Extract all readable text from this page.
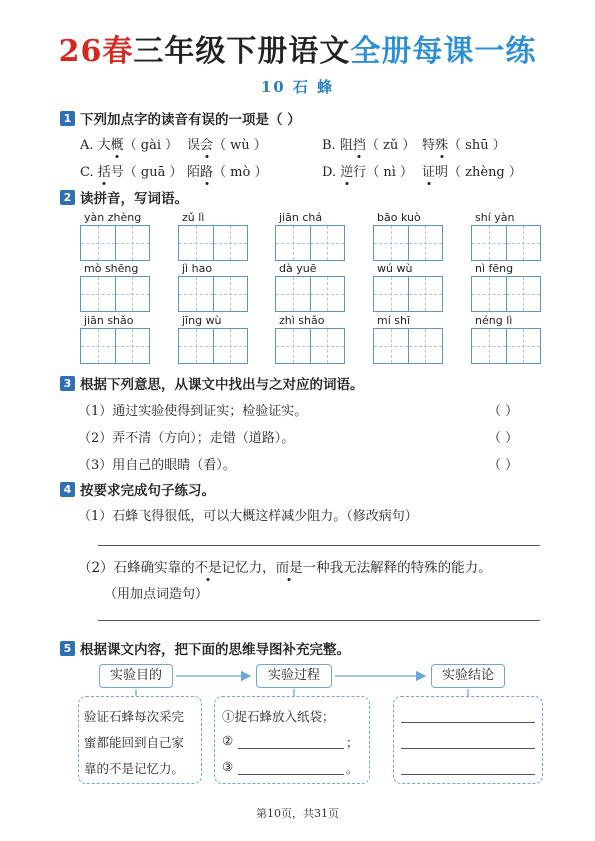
26春三年级下册语文全册每课一练
10 石 蜂
1 下列加点字的读音有误的一项是（ ）
A. 大概（ gài ） 误会（ wù ）	B. 阻挡（ zǔ ） 特殊（ shū ）
C. 括号（ guā ） 陌路（ mò ）	D. 逆行（ nì ） 证明（ zhèng ）
2 读拼音，写词语。
yàn zhèng	zǔ lì	jiān chá	bāo kuò	shí yàn
mò shēng	jì hao	dà yuē	wú wù	nì fēng
jiān shǎo	jīng wù	zhì shǎo	mí shī	néng lì
3 根据下列意思，从课文中找出与之对应的词语。
（1）通过实验使得到证实；检验证实。	（ ）
（2）弄不清（方向）；走错（道路）。	（ ）
（3）用自己的眼睛（看）。	（ ）
4 按要求完成句子练习。
（1）石蜂飞得很低，可以大概这样减少阻力。（修改病句）
（2）石蜂确实靠的不是记忆力，而是一种我无法解释的特殊的能力。
（用加点词造句）
5 根据课文内容，把下面的思维导图补充完整。
实验目的	实验过程	实验结论
验证石蜂每次采完
蜜都能回到自己家
靠的不是记忆力。
①捉石蜂放入纸袋；
②	；
③	。
第10页，共31页
